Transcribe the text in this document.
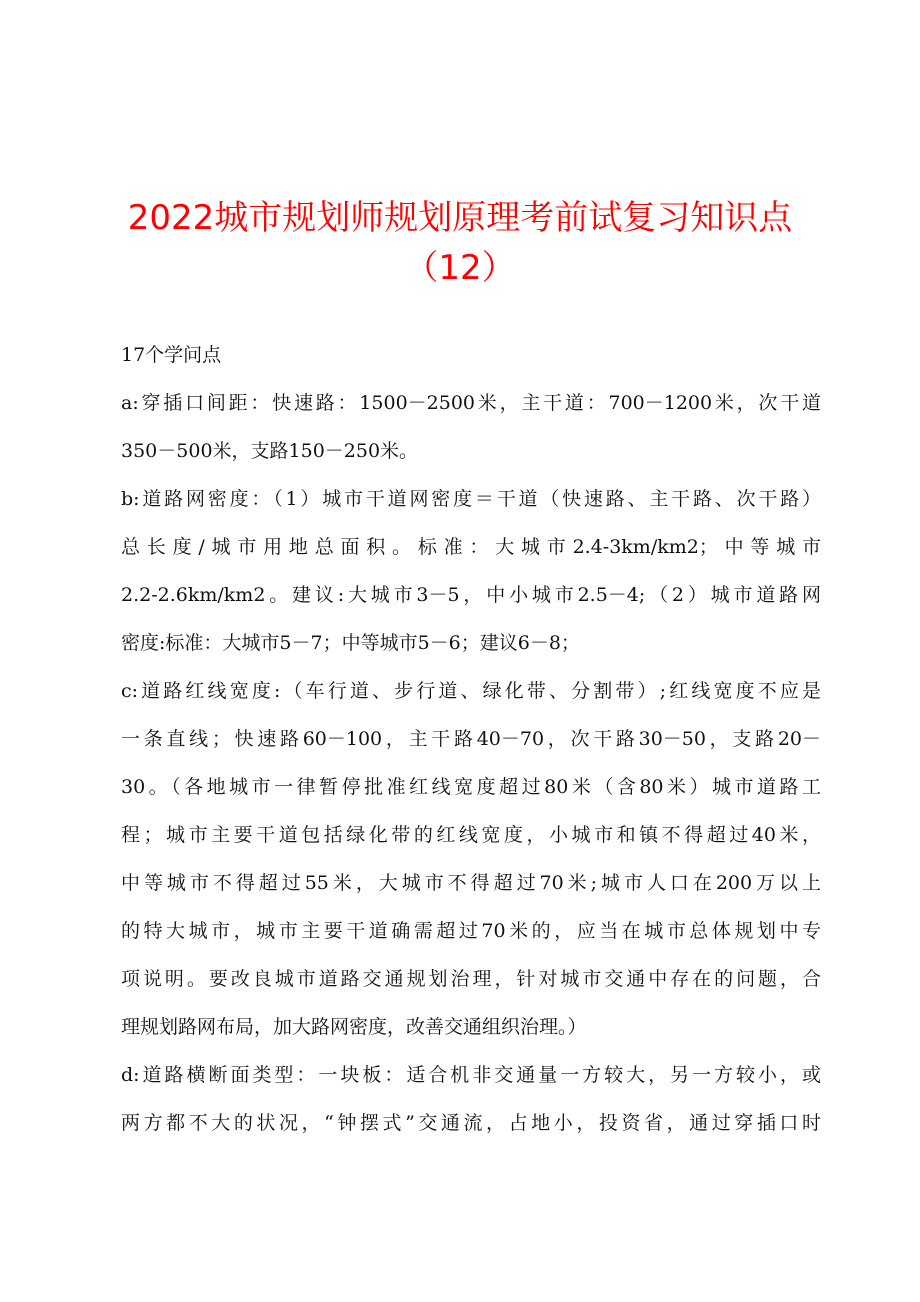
2022城市规划师规划原理考前试复习知识点
（12）
17个学问点
a:穿插口间距：快速路：1500－2500米，主干道：700－1200米，次干道
350－500米，支路150－250米。
b:道路网密度：（1）城市干道网密度＝干道（快速路、主干路、次干路）
总长度/城市用地总面积。标准：大城市2.4-3km/km2；中等城市
2.2-2.6km/km2。建议:大城市3－5，中小城市2.5－4;（2）城市道路网
密度:标准：大城市5－7；中等城市5－6；建议6－8；
c:道路红线宽度:（车行道、步行道、绿化带、分割带）;红线宽度不应是
一条直线；快速路60－100，主干路40－70，次干路30－50，支路20－
30。（各地城市一律暂停批准红线宽度超过80米（含80米）城市道路工
程；城市主要干道包括绿化带的红线宽度，小城市和镇不得超过40米，
中等城市不得超过55米，大城市不得超过70米;城市人口在200万以上
的特大城市，城市主要干道确需超过70米的，应当在城市总体规划中专
项说明。要改良城市道路交通规划治理，针对城市交通中存在的问题，合
理规划路网布局，加大路网密度，改善交通组织治理。）
d:道路横断面类型：一块板：适合机非交通量一方较大，另一方较小，或
两方都不大的状况，“钟摆式”交通流，占地小，投资省，通过穿插口时
